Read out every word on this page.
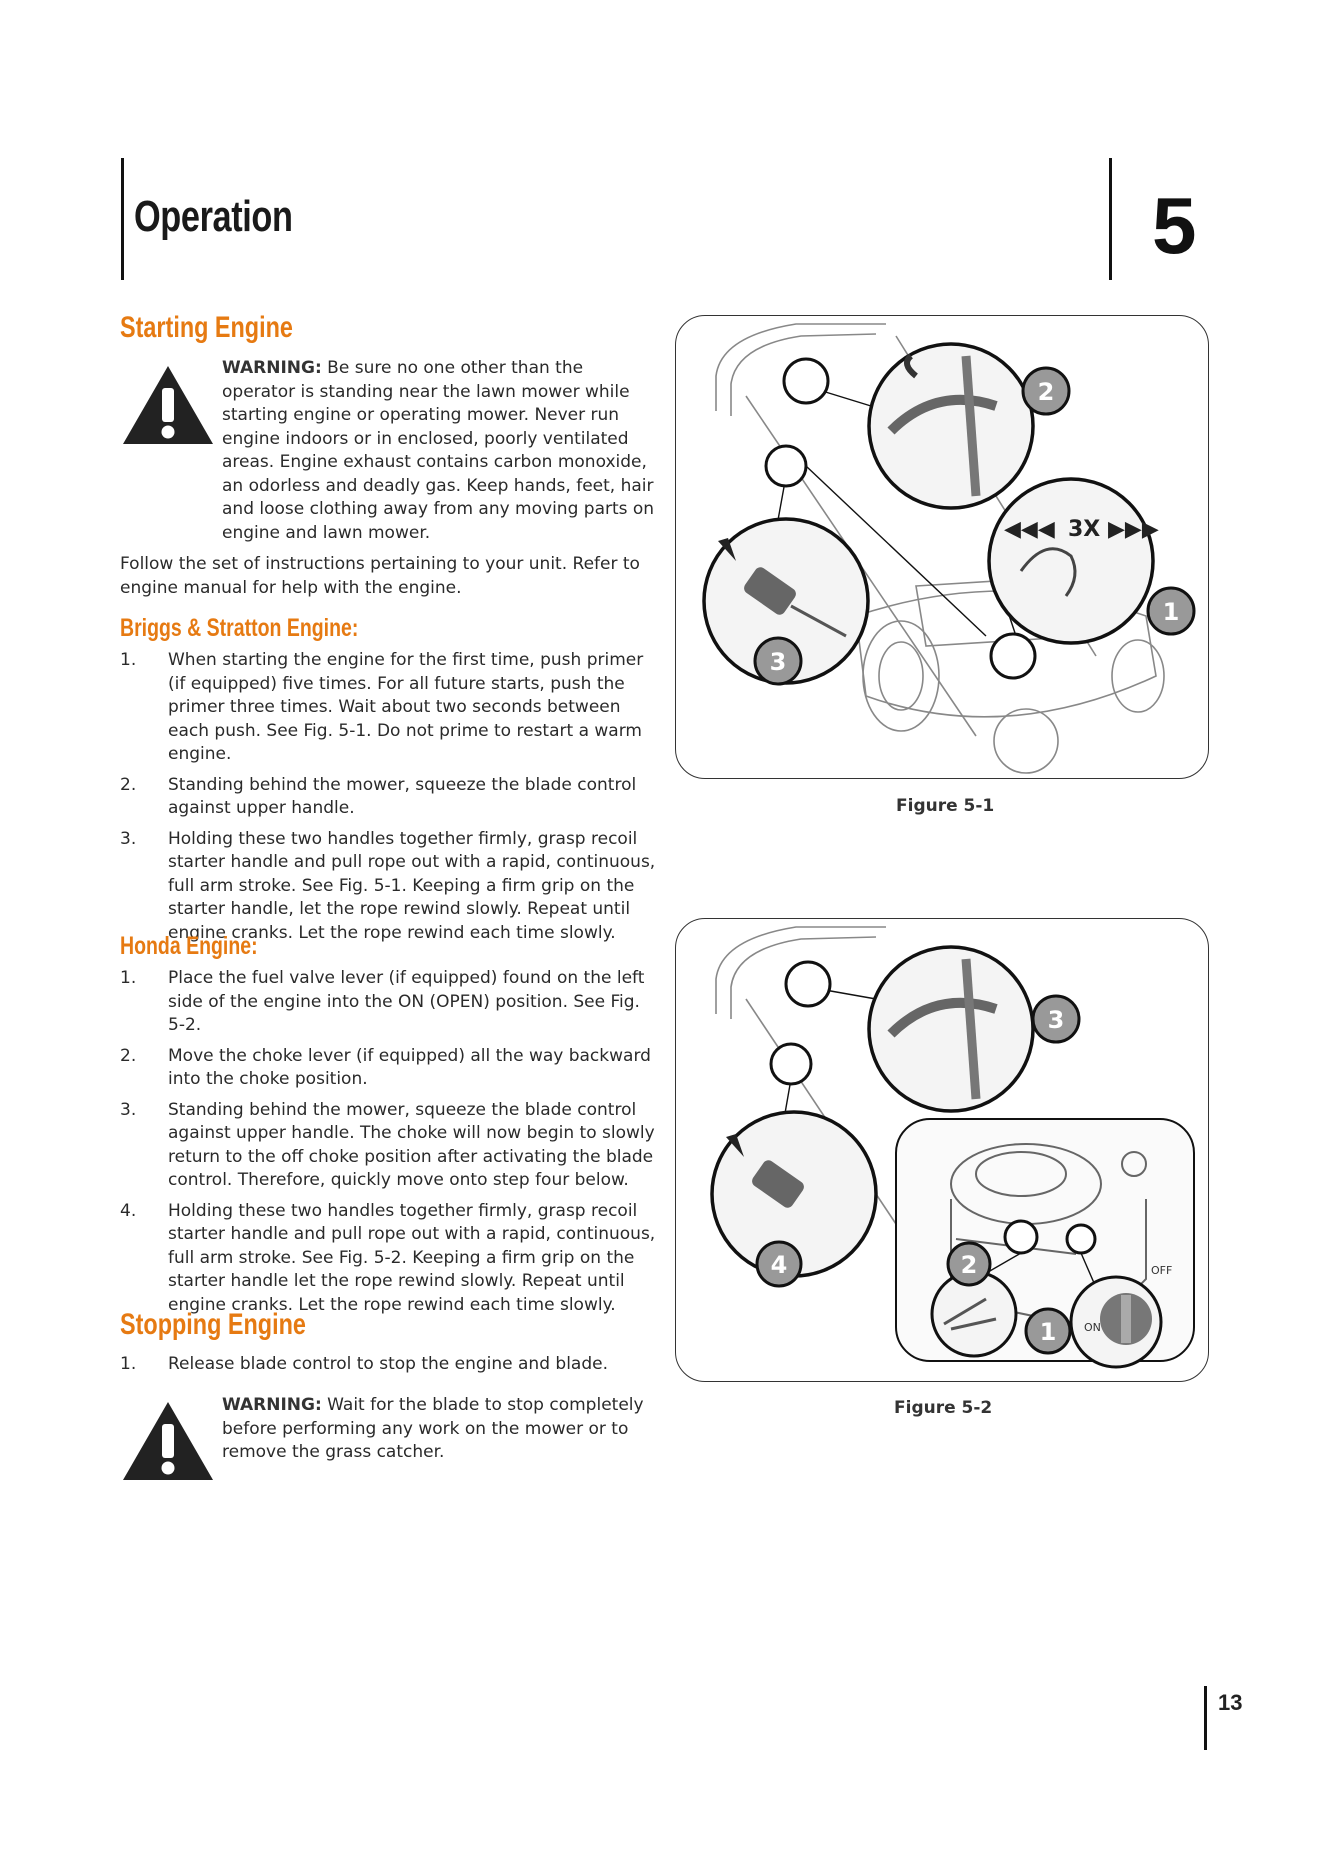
Operation	5
Starting Engine
WARNING: Be sure no one other than the operator is standing near the lawn mower while starting engine or operating mower. Never run engine indoors or in enclosed, poorly ventilated areas. Engine exhaust contains carbon monoxide, an odorless and deadly gas. Keep hands, feet, hair and loose clothing away from any moving parts on engine and lawn mower.
Follow the set of instructions pertaining to your unit. Refer to engine manual for help with the engine.
Briggs & Stratton Engine:
1. When starting the engine for the first time, push primer (if equipped) five times. For all future starts, push the primer three times. Wait about two seconds between each push. See Fig. 5-1. Do not prime to restart a warm engine.
2. Standing behind the mower, squeeze the blade control against upper handle.
3. Holding these two handles together firmly, grasp recoil starter handle and pull rope out with a rapid, continuous, full arm stroke. See Fig. 5-1. Keeping a firm grip on the starter handle, let the rope rewind slowly. Repeat until engine cranks. Let the rope rewind each time slowly.
Honda Engine:
1. Place the fuel valve lever (if equipped) found on the left side of the engine into the ON (OPEN) position. See Fig. 5-2.
2. Move the choke lever (if equipped) all the way backward into the choke position.
3. Standing behind the mower, squeeze the blade control against upper handle. The choke will now begin to slowly return to the off choke position after activating the blade control. Therefore, quickly move onto step four below.
4. Holding these two handles together firmly, grasp recoil starter handle and pull rope out with a rapid, continuous, full arm stroke. See Fig. 5-2. Keeping a firm grip on the starter handle let the rope rewind slowly. Repeat until engine cranks. Let the rope rewind each time slowly.
Stopping Engine
1. Release blade control to stop the engine and blade.
WARNING: Wait for the blade to stop completely before performing any work on the mower or to remove the grass catcher.
◀◀◀ 3X ▶▶▶
1
2
3
Figure 5-1
OFF
ON
1
2
3
4
Figure 5-2
13
